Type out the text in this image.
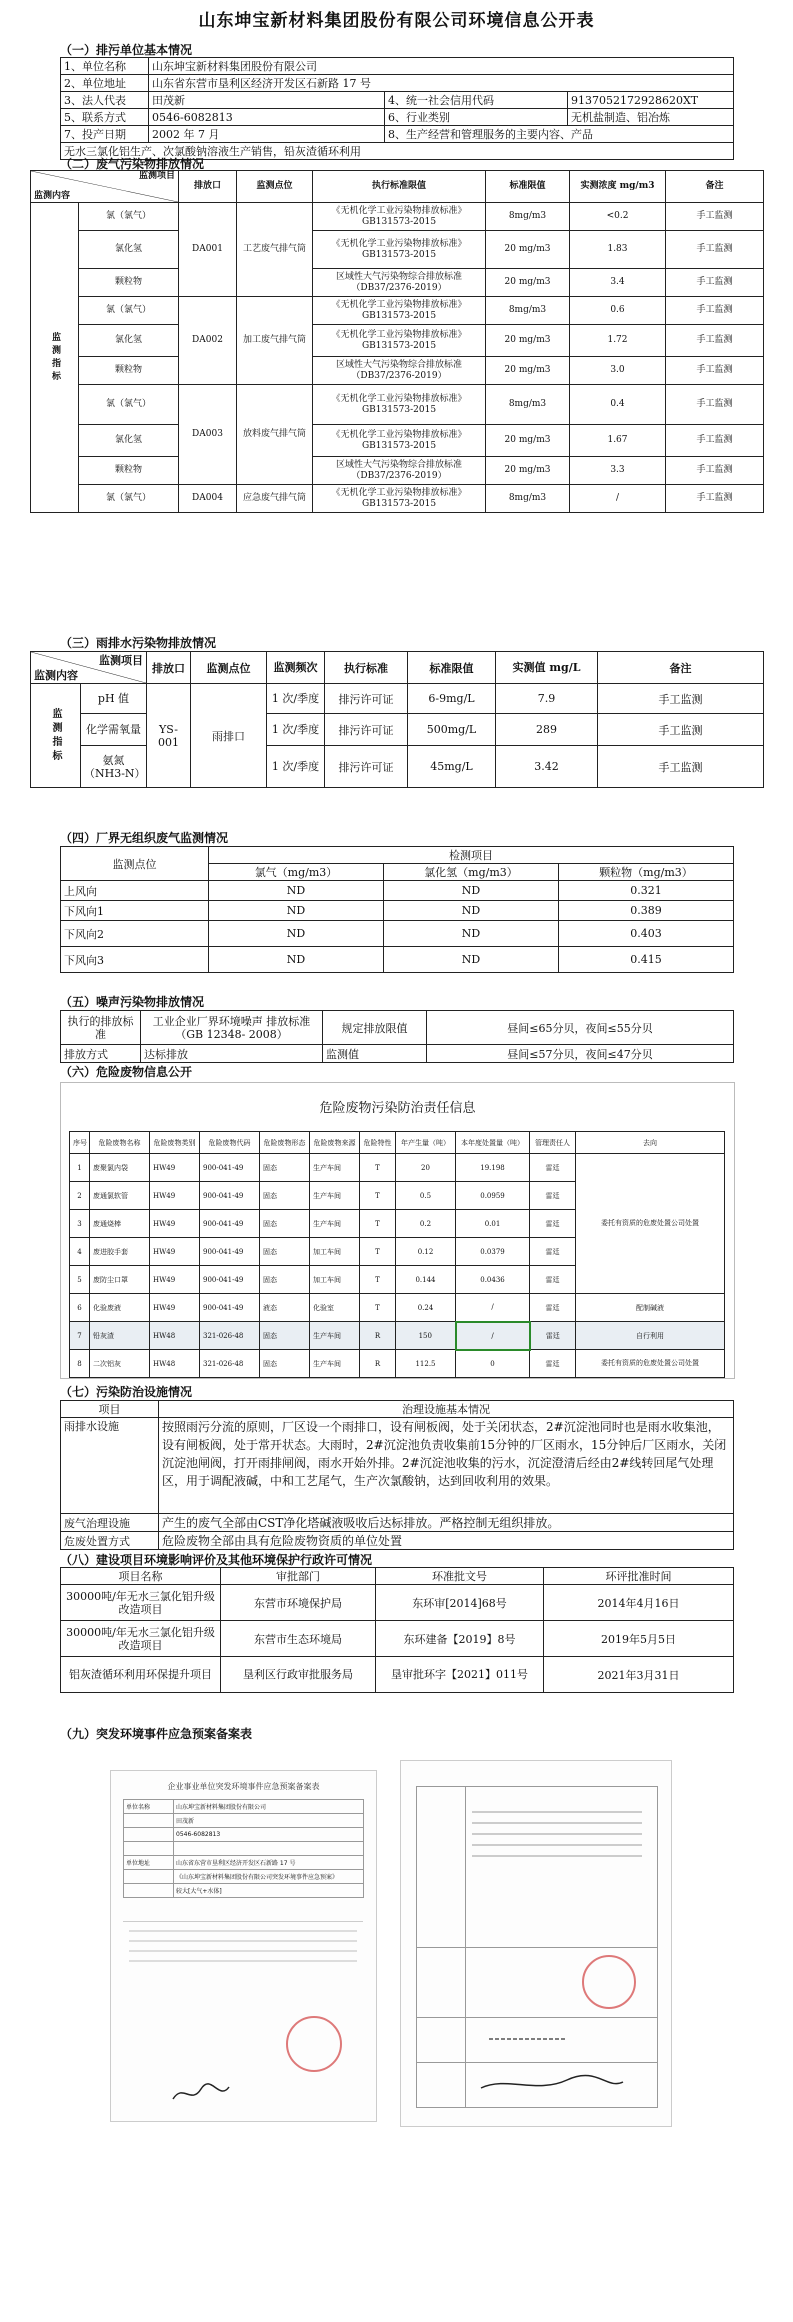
山东坤宝新材料集团股份有限公司环境信息公开表
（一）排污单位基本情况
1、单位名称	山东坤宝新材料集团股份有限公司		
2、单位地址	山东省东营市垦利区经济开发区石新路 17 号		
3、法人代表	田茂新	4、统一社会信用代码	91370521729286​20XT
5、联系方式	0546-6082813	6、行业类别	无机盐制造、铝冶炼
7、投产日期	2002 年 7 月	8、生产经营和管理服务的主要内容、产品	
无水三氯化铝生产、次氯酸钠溶液生产销售，铅灰渣循环利用			
（二）废气污染物排放情况
监测项目
监测内容		排放口	监测点位	执行标准限值	标准限值	实测浓度 mg/m3	备注
监测指标	氯（氯气）	DA001	工艺废气排气筒	《无机化学工业污染物排放标准》GB131573-2015	8mg/m3	<0.2	手工监测
	氯化氢			《无机化学工业污染物排放标准》GB131573-2015	20 mg/m3	1.83	手工监测
	颗粒物			区域性大气污染物综合排放标准（DB37/2376-2019）	20 mg/m3	3.4	手工监测
	氯（氯气）	DA002	加工废气排气筒	《无机化学工业污染物排放标准》GB131573-2015	8mg/m3	0.6	手工监测
	氯化氢			《无机化学工业污染物排放标准》GB131573-2015	20 mg/m3	1.72	手工监测
	颗粒物			区域性大气污染物综合排放标准（DB37/2376-2019）	20 mg/m3	3.0	手工监测
	氯（氯气）	DA003	放料废气排气筒	《无机化学工业污染物排放标准》GB131573-2015	8mg/m3	0.4	手工监测
	氯化氢			《无机化学工业污染物排放标准》GB131573-2015	20 mg/m3	1.67	手工监测
	颗粒物			区域性大气污染物综合排放标准（DB37/2376-2019）	20 mg/m3	3.3	手工监测
	氯（氯气）	DA004	应急废气排气筒	《无机化学工业污染物排放标准》GB131573-2015	8mg/m3	/	手工监测
（三）雨排水污染物排放情况
监测项目
监测内容		排放口	监测点位	监测频次	执行标准	标准限值	实测值 mg/L	备注
监测指标	pH 值	YS-001	雨排口	1 次/季度	排污许可证	6-9mg/L	7.9	手工监测
	化学需氧量			1 次/季度	排污许可证	500mg/L	289	手工监测
	氨氮（NH3-N）			1 次/季度	排污许可证	45mg/L	3.42	手工监测
（四）厂界无组织废气监测情况
监测点位	检测项目		
	氯气（mg/m3）	氯化氢（mg/m3）	颗粒物（mg/m3）
上风向	ND	ND	0.321
下风向1	ND	ND	0.389
下风向2	ND	ND	0.403
下风向3	ND	ND	0.415
（五）噪声污染物排放情况
执行的排放标准	工业企业厂界环境噪声 排放标准（GB 12348- 2008）	规定排放限值	昼间≤65分贝，夜间≤55分贝
排放方式	达标排放	监测值	昼间≤57分贝，夜间≤47分贝
（六）危险废物信息公开
危险废物污染防治责任信息
序号	危险废物名称	危险废物类别	危险废物代码	危险废物形态	危险废物来源	危险特性	年产生量（吨）	本年度处置量（吨）	管理责任人	去向
1	废聚氯内袋	HW49	900-041-49	固态	生产车间	T	20	19.198	雷廷	委托有资质的危废处置公司处置
2	废通氯软管	HW49	900-041-49	固态	生产车间	T	0.5	0.0959	雷廷	
3	废通烧棒	HW49	900-041-49	固态	生产车间	T	0.2	0.01	雷廷	
4	废进胶手套	HW49	900-041-49	固态	加工车间	T	0.12	0.0379	雷廷	
5	废防尘口罩	HW49	900-041-49	固态	加工车间	T	0.144	0.0436	雷廷	
6	化验废液	HW49	900-041-49	液态	化验室	T	0.24	/	雷廷	配制碱液
7	铅灰渣	HW48	321-026-48	固态	生产车间	R	150	/	雷廷	自行利用
8	二次铝灰	HW48	321-026-48	固态	生产车间	R	112.5	0	雷廷	委托有资质的危废处置公司处置
（七）污染防治设施情况
项目	治理设施基本情况
雨排水设施	按照雨污分流的原则，厂区设一个雨排口，设有闸板阀，处于关闭状态，2#沉淀池同时也是雨水收集池，设有闸板阀，处于常开状态。大雨时，2#沉淀池负责收集前15分钟的厂区雨水，15分钟后厂区雨水，关闭沉淀池闸阀，打开雨排闸阀，雨水开始外排。2#沉淀池收集的污水，沉淀澄清后经由2#线转回尾气处理区，用于调配液碱，中和工艺尾气，生产次氯酸钠，达到回收利用的效果。
废气治理设施	产生的废气全部由CST净化塔碱液吸收后达标排放。严格控制无组织排放。
危废处置方式	危险废物全部由具有危险废物资质的单位处置
（八）建设项目环境影响评价及其他环境保护行政许可情况
项目名称	审批部门	环准批文号	环评批准时间
30000吨/年无水三氯化铝升级改造项目	东营市环境保护局	东环审[2014]68号	2014年4月16日
30000吨/年无水三氯化铝升级改造项目	东营市生态环境局	东环建备【2019】8号	2019年5月5日
铝灰渣循环利用环保提升项目	垦利区行政审批服务局	垦审批环字【2021】011号	2021年3月31日
（九）突发环境事件应急预案备案表
企业事业单位突发环境事件应急预案备案表
单位名称	山东坤宝新材料集团股份有限公司
	田茂新
	0546-6082813

单位地址	山东省东营市垦利区经济开发区石新路 17 号
	《山东坤宝新材料集团股份有限公司突发环境事件应急预案》
	较大[大气+水体]
